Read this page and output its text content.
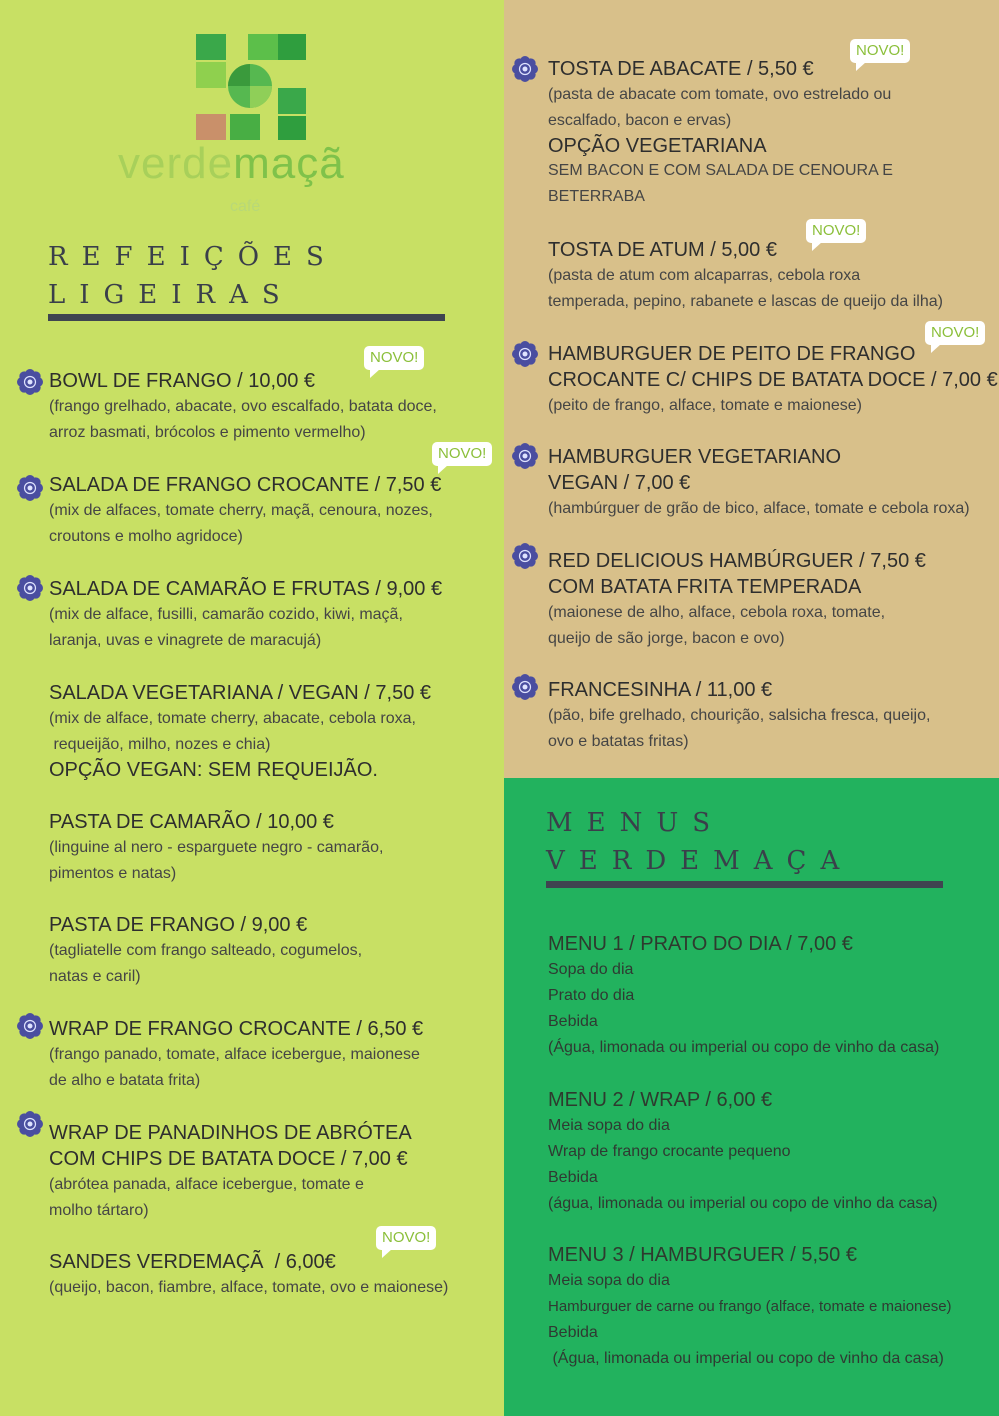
verdemaçã
café
REFEIÇÕES
LIGEIRAS
BOWL DE FRANGO / 10,00 €

(frango grelhado, abacate, ovo escalfado, batata doce,

arroz basmati, brócolos e pimento vermelho)

SALADA DE FRANGO CROCANTE / 7,50 €

(mix de alfaces, tomate cherry, maçã, cenoura, nozes,

croutons e molho agridoce)

SALADA DE CAMARÃO E FRUTAS / 9,00 €

(mix de alface, fusilli, camarão cozido, kiwi, maçã,

laranja, uvas e vinagrete de maracujá)

SALADA VEGETARIANA / VEGAN / 7,50 €

(mix de alface, tomate cherry, abacate, cebola roxa,

requeijão, milho, nozes e chia)

OPÇÃO VEGAN: SEM REQUEIJÃO.
PASTA DE CAMARÃO / 10,00 €

(linguine al nero - esparguete negro - camarão,

pimentos e natas)

PASTA DE FRANGO / 9,00 €

(tagliatelle com frango salteado, cogumelos,

natas e caril)

WRAP DE FRANGO CROCANTE / 6,50 €

(frango panado, tomate, alface icebergue, maionese

de alho e batata frita)

WRAP DE PANADINHOS DE ABRÓTEA
COM CHIPS DE BATATA DOCE / 7,00 €

(abrótea panada, alface icebergue, tomate e

molho tártaro)

SANDES VERDEMAÇÃ  / 6,00€

(queijo, bacon, fiambre, alface, tomate, ovo e maionese)

TOSTA DE ABACATE / 5,50 €

(pasta de abacate com tomate, ovo estrelado ou

escalfado, bacon e ervas)

OPÇÃO VEGETARIANA

SEM BACON E COM SALADA DE CENOURA E

BETERRABA

TOSTA DE ATUM / 5,00 €

(pasta de atum com alcaparras, cebola roxa

temperada, pepino, rabanete e lascas de queijo da ilha)

HAMBURGUER DE PEITO DE FRANGO
CROCANTE C/ CHIPS DE BATATA DOCE / 7,00 €

(peito de frango, alface, tomate e maionese)

HAMBURGUER VEGETARIANO
VEGAN / 7,00 €

(hambúrguer de grão de bico, alface, tomate e cebola roxa)

RED DELICIOUS HAMBÚRGUER / 7,50 €
COM BATATA FRITA TEMPERADA

(maionese de alho, alface, cebola roxa, tomate,

queijo de são jorge, bacon e ovo)

FRANCESINHA / 11,00 €

(pão, bife grelhado, chourição, salsicha fresca, queijo,

ovo e batatas fritas)

MENUS
VERDEMAÇA
MENU 1 / PRATO DO DIA / 7,00 €

Sopa do dia

Prato do dia

Bebida

(Água, limonada ou imperial ou copo de vinho da casa)

MENU 2 / WRAP / 6,00 €

Meia sopa do dia

Wrap de frango crocante pequeno

Bebida

(água, limonada ou imperial ou copo de vinho da casa)

MENU 3 / HAMBURGUER / 5,50 €

Meia sopa do dia

Hamburguer de carne ou frango (alface, tomate e maionese)

Bebida

(Água, limonada ou imperial ou copo de vinho da casa)

NOVO!
NOVO!
NOVO!
NOVO!
NOVO!
NOVO!
